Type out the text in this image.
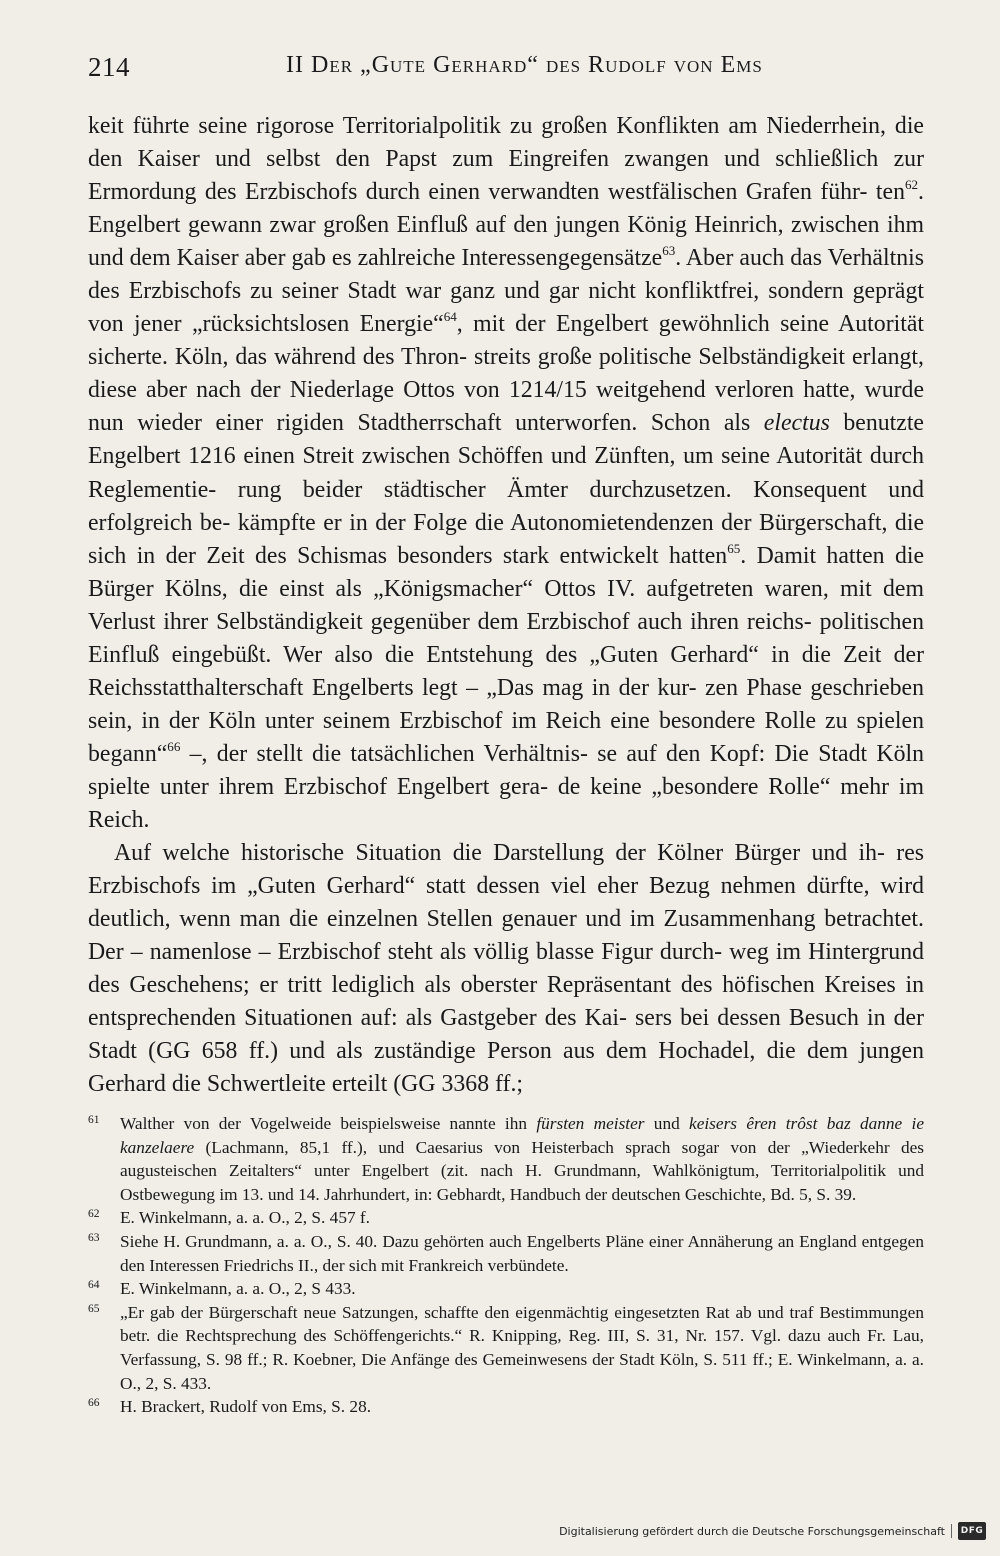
214	II Der „Gute Gerhard“ des Rudolf von Ems

keit führte seine rigorose Territorialpolitik zu großen Konflikten am Niederrhein, die den Kaiser und selbst den Papst zum Eingreifen zwangen und schließlich zur Ermordung des Erzbischofs durch einen verwandten westfälischen Grafen führ- ten$^{62}$. Engelbert gewann zwar großen Einfluß auf den jungen König Heinrich, zwischen ihm und dem Kaiser aber gab es zahlreiche Interessengegensätze$^{63}$. Aber auch das Verhältnis des Erzbischofs zu seiner Stadt war ganz und gar nicht konfliktfrei, sondern geprägt von jener „rücksichtslosen Energie“$^{64}$, mit der Engelbert gewöhnlich seine Autorität sicherte. Köln, das während des Thron- streits große politische Selbständigkeit erlangt, diese aber nach der Niederlage Ottos von 1214/15 weitgehend verloren hatte, wurde nun wieder einer rigiden Stadtherrschaft unterworfen. Schon als electus benutzte Engelbert 1216 einen Streit zwischen Schöffen und Zünften, um seine Autorität durch Reglementie- rung beider städtischer Ämter durchzusetzen. Konsequent und erfolgreich be- kämpfte er in der Folge die Autonomietendenzen der Bürgerschaft, die sich in der Zeit des Schismas besonders stark entwickelt hatten$^{65}$. Damit hatten die Bürger Kölns, die einst als „Königsmacher“ Ottos IV. aufgetreten waren, mit dem Verlust ihrer Selbständigkeit gegenüber dem Erzbischof auch ihren reichs- politischen Einfluß eingebüßt. Wer also die Entstehung des „Guten Gerhard“ in die Zeit der Reichsstatthalterschaft Engelberts legt – „Das mag in der kur- zen Phase geschrieben sein, in der Köln unter seinem Erzbischof im Reich eine besondere Rolle zu spielen begann“$^{66}$ –, der stellt die tatsächlichen Verhältnis- se auf den Kopf: Die Stadt Köln spielte unter ihrem Erzbischof Engelbert gera- de keine „besondere Rolle“ mehr im Reich.

Auf welche historische Situation die Darstellung der Kölner Bürger und ih- res Erzbischofs im „Guten Gerhard“ statt dessen viel eher Bezug nehmen dürfte, wird deutlich, wenn man die einzelnen Stellen genauer und im Zusammenhang betrachtet. Der – namenlose – Erzbischof steht als völlig blasse Figur durch- weg im Hintergrund des Geschehens; er tritt lediglich als oberster Repräsentant des höfischen Kreises in entsprechenden Situationen auf: als Gastgeber des Kai- sers bei dessen Besuch in der Stadt (GG 658 ff.) und als zuständige Person aus dem Hochadel, die dem jungen Gerhard die Schwertleite erteilt (GG 3368 ff.;

61 Walther von der Vogelweide beispielsweise nannte ihn fürsten meister und keisers êren trôst baz danne ie kanzelaere (Lachmann, 85,1 ff.), und Caesarius von Heisterbach sprach sogar von der „Wiederkehr des augusteischen Zeitalters“ unter Engelbert (zit. nach H. Grundmann, Wahlkönigtum, Territorialpolitik und Ostbewegung im 13. und 14. Jahrhundert, in: Gebhardt, Handbuch der deutschen Geschichte, Bd. 5, S. 39.

62 E. Winkelmann, a. a. O., 2, S. 457 f.

63 Siehe H. Grundmann, a. a. O., S. 40. Dazu gehörten auch Engelberts Pläne einer Annäherung an England entgegen den Interessen Friedrichs II., der sich mit Frankreich verbündete.

64 E. Winkelmann, a. a. O., 2, S 433.

65 „Er gab der Bürgerschaft neue Satzungen, schaffte den eigenmächtig eingesetzten Rat ab und traf Bestimmungen betr. die Rechtsprechung des Schöffengerichts.“ R. Knipping, Reg. III, S. 31, Nr. 157. Vgl. dazu auch Fr. Lau, Verfassung, S. 98 ff.; R. Koebner, Die Anfänge des Gemeinwesens der Stadt Köln, S. 511 ff.; E. Winkelmann, a. a. O., 2, S. 433.

66 H. Brackert, Rudolf von Ems, S. 28.

Digitalisierung gefördert durch die Deutsche Forschungsgemeinschaft	DFG
